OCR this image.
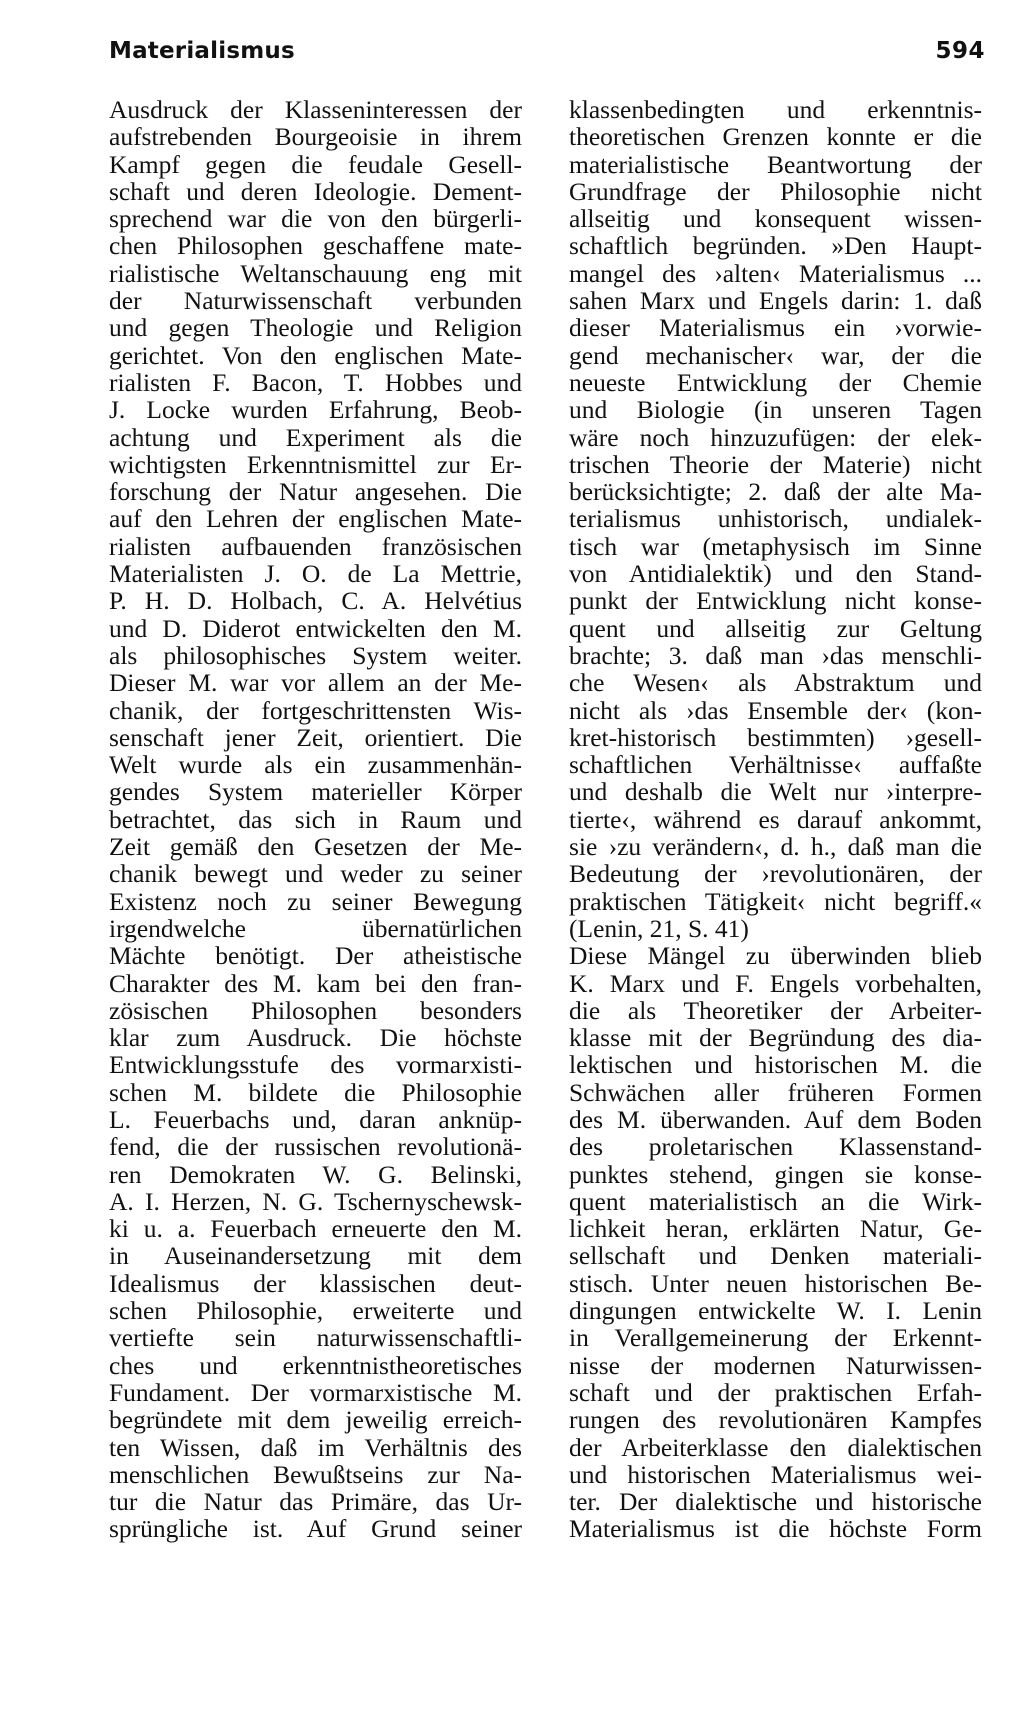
Materialismus	594
Ausdruck der Klasseninteressen der
aufstrebenden Bourgeoisie in ihrem
Kampf gegen die feudale Gesell-
schaft und deren Ideologie. Dement-
sprechend war die von den bürgerli-
chen Philosophen geschaffene mate-
rialistische Weltanschauung eng mit
der Naturwissenschaft verbunden
und gegen Theologie und Religion
gerichtet. Von den englischen Mate-
rialisten F. Bacon, T. Hobbes und
J. Locke wurden Erfahrung, Beob-
achtung und Experiment als die
wichtigsten Erkenntnismittel zur Er-
forschung der Natur angesehen. Die
auf den Lehren der englischen Mate-
rialisten aufbauenden französischen
Materialisten J. O. de La Mettrie,
P. H. D. Holbach, C. A. Helvétius
und D. Diderot entwickelten den M.
als philosophisches System weiter.
Dieser M. war vor allem an der Me-
chanik, der fortgeschrittensten Wis-
senschaft jener Zeit, orientiert. Die
Welt wurde als ein zusammenhän-
gendes System materieller Körper
betrachtet, das sich in Raum und
Zeit gemäß den Gesetzen der Me-
chanik bewegt und weder zu seiner
Existenz noch zu seiner Bewegung
irgendwelche übernatürlichen
Mächte benötigt. Der atheistische
Charakter des M. kam bei den fran-
zösischen Philosophen besonders
klar zum Ausdruck. Die höchste
Entwicklungsstufe des vormarxisti-
schen M. bildete die Philosophie
L. Feuerbachs und, daran anknüp-
fend, die der russischen revolutionä-
ren Demokraten W. G. Belinski,
A. I. Herzen, N. G. Tschernyschewsk-
ki u. a. Feuerbach erneuerte den M.
in Auseinandersetzung mit dem
Idealismus der klassischen deut-
schen Philosophie, erweiterte und
vertiefte sein naturwissenschaftli-
ches und erkenntnistheoretisches
Fundament. Der vormarxistische M.
begründete mit dem jeweilig erreich-
ten Wissen, daß im Verhältnis des
menschlichen Bewußtseins zur Na-
tur die Natur das Primäre, das Ur-
sprüngliche ist. Auf Grund seiner
klassenbedingten und erkenntnis-
theoretischen Grenzen konnte er die
materialistische Beantwortung der
Grundfrage der Philosophie nicht
allseitig und konsequent wissen-
schaftlich begründen. »Den Haupt-
mangel des ›alten‹ Materialismus ...
sahen Marx und Engels darin: 1. daß
dieser Materialismus ein ›vorwie-
gend mechanischer‹ war, der die
neueste Entwicklung der Chemie
und Biologie (in unseren Tagen
wäre noch hinzuzufügen: der elek-
trischen Theorie der Materie) nicht
berücksichtigte; 2. daß der alte Ma-
terialismus unhistorisch, undialek-
tisch war (metaphysisch im Sinne
von Antidialektik) und den Stand-
punkt der Entwicklung nicht konse-
quent und allseitig zur Geltung
brachte; 3. daß man ›das menschli-
che Wesen‹ als Abstraktum und
nicht als ›das Ensemble der‹ (kon-
kret-historisch bestimmten) ›gesell-
schaftlichen Verhältnisse‹ auffaßte
und deshalb die Welt nur ›interpre-
tierte‹, während es darauf ankommt,
sie ›zu verändern‹, d. h., daß man die
Bedeutung der ›revolutionären, der
praktischen Tätigkeit‹ nicht begriff.«
(Lenin, 21, S. 41)
Diese Mängel zu überwinden blieb
K. Marx und F. Engels vorbehalten,
die als Theoretiker der Arbeiter-
klasse mit der Begründung des dia-
lektischen und historischen M. die
Schwächen aller früheren Formen
des M. überwanden. Auf dem Boden
des proletarischen Klassenstand-
punktes stehend, gingen sie konse-
quent materialistisch an die Wirk-
lichkeit heran, erklärten Natur, Ge-
sellschaft und Denken materiali-
stisch. Unter neuen historischen Be-
dingungen entwickelte W. I. Lenin
in Verallgemeinerung der Erkennt-
nisse der modernen Naturwissen-
schaft und der praktischen Erfah-
rungen des revolutionären Kampfes
der Arbeiterklasse den dialektischen
und historischen Materialismus wei-
ter. Der dialektische und historische
Materialismus ist die höchste Form
